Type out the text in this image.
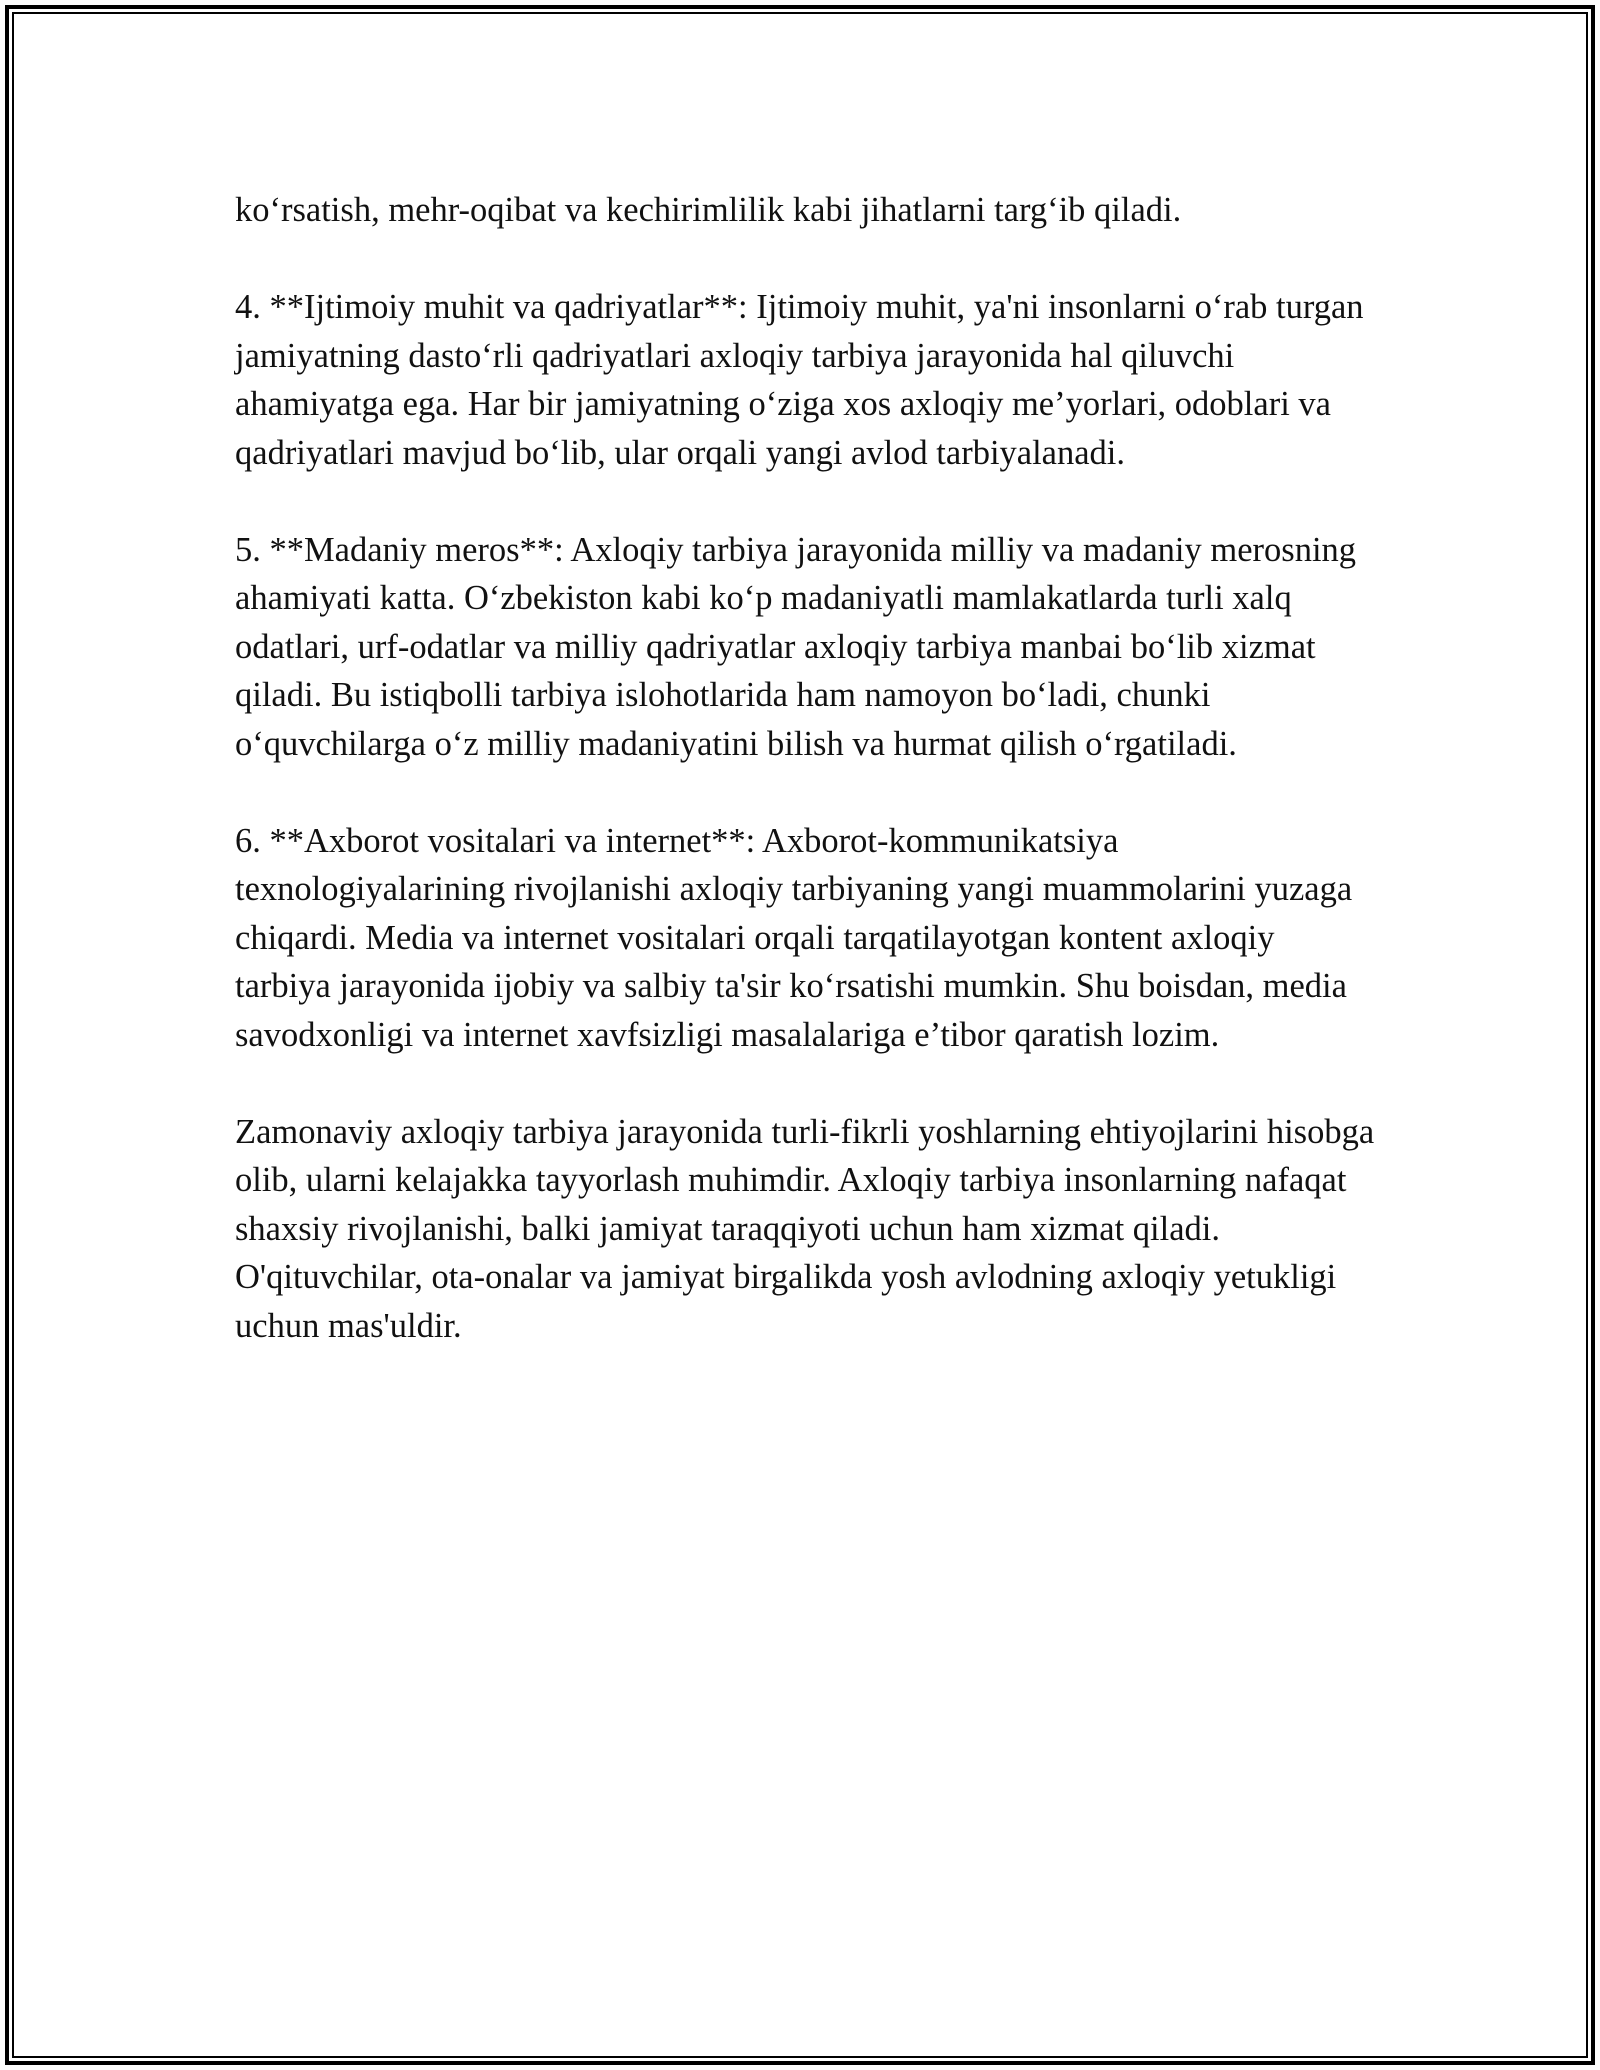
ko‘rsatish, mehr-oqibat va kechirimlilik kabi jihatlarni targ‘ib qiladi.

4. **Ijtimoiy muhit va qadriyatlar**: Ijtimoiy muhit, ya'ni insonlarni o‘rab turgan jamiyatning dasto‘rli qadriyatlari axloqiy tarbiya jarayonida hal qiluvchi ahamiyatga ega. Har bir jamiyatning o‘ziga xos axloqiy me’yorlari, odoblari va qadriyatlari mavjud bo‘lib, ular orqali yangi avlod tarbiyalanadi.

5. **Madaniy meros**: Axloqiy tarbiya jarayonida milliy va madaniy merosning ahamiyati katta. O‘zbekiston kabi ko‘p madaniyatli mamlakatlarda turli xalq odatlari, urf-odatlar va milliy qadriyatlar axloqiy tarbiya manbai bo‘lib xizmat qiladi. Bu istiqbolli tarbiya islohotlarida ham namoyon bo‘ladi, chunki o‘quvchilarga o‘z milliy madaniyatini bilish va hurmat qilish o‘rgatiladi.

6. **Axborot vositalari va internet**: Axborot-kommunikatsiya texnologiyalarining rivojlanishi axloqiy tarbiyaning yangi muammolarini yuzaga chiqardi. Media va internet vositalari orqali tarqatilayotgan kontent axloqiy tarbiya jarayonida ijobiy va salbiy ta'sir ko‘rsatishi mumkin. Shu boisdan, media savodxonligi va internet xavfsizligi masalalariga e’tibor qaratish lozim.

Zamonaviy axloqiy tarbiya jarayonida turli-fikrli yoshlarning ehtiyojlarini hisobga olib, ularni kelajakka tayyorlash muhimdir. Axloqiy tarbiya insonlarning nafaqat shaxsiy rivojlanishi, balki jamiyat taraqqiyoti uchun ham xizmat qiladi. O'qituvchilar, ota-onalar va jamiyat birgalikda yosh avlodning axloqiy yetukligi uchun mas'uldir.
